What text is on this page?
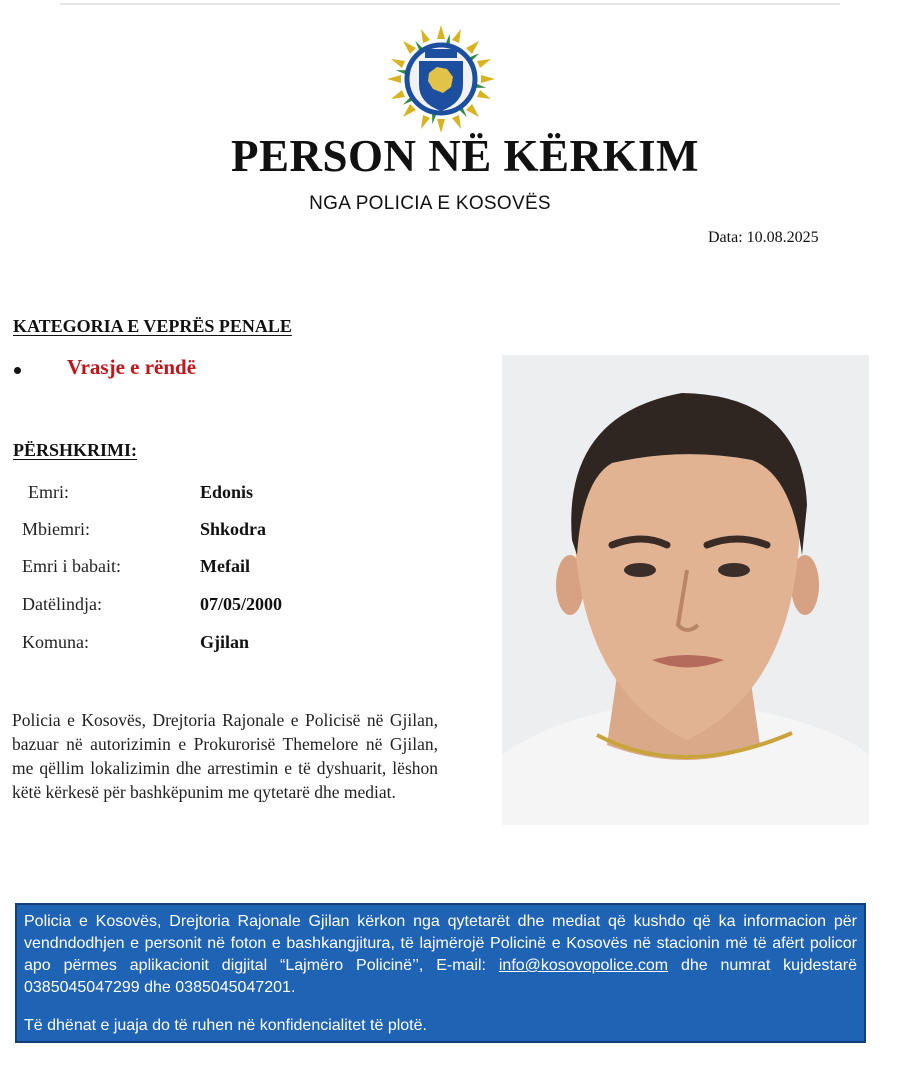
PERSON NË KËRKIM
NGA POLICIA E KOSOVËS
Data: 10.08.2025
KATEGORIA E VEPRËS PENALE
Vrasje e rëndë
PËRSHKRIMI:
Emri:	Edonis
Mbiemri:	Shkodra
Emri i babait:	Mefail
Datëlindja:	07/05/2000
Komuna:	Gjilan
Policia e Kosovës, Drejtoria Rajonale e Policisë në Gjilan, bazuar në autorizimin e Prokurorisë Themelore në Gjilan, me qëllim lokalizimin dhe arrestimin e të dyshuarit, lëshon këtë kërkesë për bashkëpunim me qytetarë dhe mediat.
Policia e Kosovës, Drejtoria Rajonale Gjilan kërkon nga qytetarët dhe mediat që kushdo që ka informacion për vendndodhjen e personit në foton e bashkangjitura, të lajmërojë Policinë e Kosovës në stacionin më të afërt policor apo përmes aplikacionit digjital “Lajmëro Policinë’’, E-mail: info@kosovopolice.com dhe numrat kujdestarë 0385045047299 dhe 0385045047201.
Të dhënat e juaja do të ruhen në konfidencialitet të plotë.
